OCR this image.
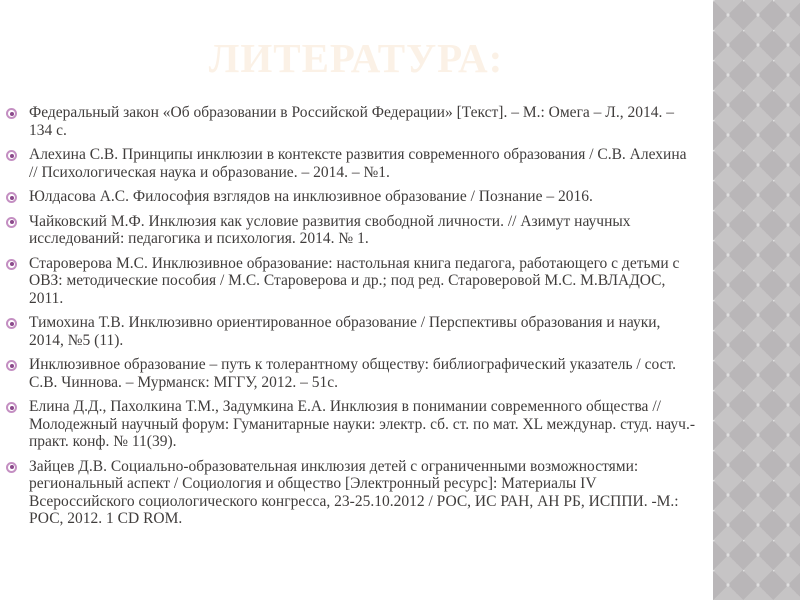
ЛИТЕРАТУРА:
Федеральный закон «Об образовании в Российской Федерации» [Текст]. – М.: Омега – Л., 2014. – 134 с.
Алехина С.В. Принципы инклюзии в контексте развития современного образования / С.В. Алехина // Психологическая наука и образование. – 2014. – №1.
Юлдасова А.С. Философия взглядов на инклюзивное образование / Познание – 2016.
Чайковский М.Ф. Инклюзия как условие развития свободной личности. // Азимут научных исследований: педагогика и психология. 2014. № 1.
Староверова М.С. Инклюзивное образование: настольная книга педагога, работающего с детьми с ОВЗ: методические пособия / М.С. Староверова и др.; под ред. Староверовой М.С. М.ВЛАДОС, 2011.
Тимохина Т.В. Инклюзивно ориентированное образование / Перспективы образования и науки, 2014, №5 (11).
Инклюзивное образование – путь к толерантному обществу: библиографический указатель / сост. С.В. Чиннова. – Мурманск: МГГУ, 2012. – 51с.
Елина Д.Д., Пахолкина Т.М., Задумкина Е.А. Инклюзия в понимании современного общества // Молодежный научный форум: Гуманитарные науки: электр. сб. ст. по мат. XL междунар. студ. науч.-практ. конф. № 11(39).
Зайцев Д.В. Социально-образовательная инклюзия детей с ограниченными возможностями: региональный аспект / Социология и общество [Электронный ресурс]: Материалы IV Всероссийского социологического конгресса, 23-25.10.2012 / РОС, ИС РАН, АН РБ, ИСППИ. -М.: РОС, 2012. 1 CD ROM.
